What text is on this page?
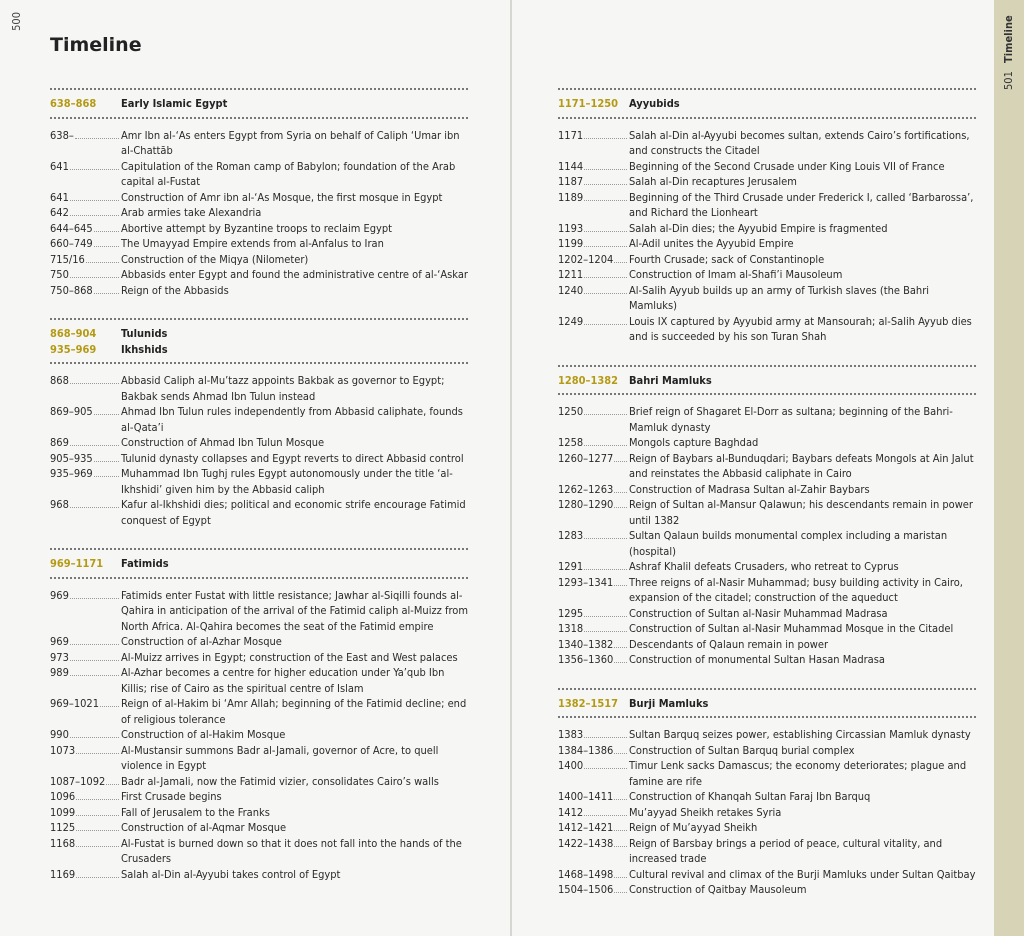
500
501
Timeline
Timeline
638–868	Early Islamic Egypt
638–	Amr Ibn al-‘As enters Egypt from Syria on behalf of Caliph ‘Umar ibn al-Chattāb
641	Capitulation of the Roman camp of Babylon; foundation of the Arab capital al-Fustat
641	Construction of Amr ibn al-‘As Mosque, the first mosque in Egypt
642	Arab armies take Alexandria
644–645	Abortive attempt by Byzantine troops to reclaim Egypt
660–749	The Umayyad Empire extends from al-Anfalus to Iran
715/16	Construction of the Miqya (Nilometer)
750	Abbasids enter Egypt and found the administrative centre of al-‘Askar
750–868	Reign of the Abbasids
868–904	Tulunids
935–969	Ikhshids
868	Abbasid Caliph al-Mu’tazz appoints Bakbak as governor to Egypt; Bakbak sends Ahmad Ibn Tulun instead
869–905	Ahmad Ibn Tulun rules independently from Abbasid caliphate, founds al-Qata’i
869	Construction of Ahmad Ibn Tulun Mosque
905–935	Tulunid dynasty collapses and Egypt reverts to direct Abbasid control
935–969	Muhammad Ibn Tughj rules Egypt autonomously under the title ‘al-Ikhshidi’ given him by the Abbasid caliph
968	Kafur al-Ikhshidi dies; political and economic strife encourage Fatimid conquest of Egypt
969–1171	Fatimids
969	Fatimids enter Fustat with little resistance; Jawhar al-Siqilli founds al-Qahira in anticipation of the arrival of the Fatimid caliph al-Muizz from North Africa. Al-Qahira becomes the seat of the Fatimid empire
969	Construction of al-Azhar Mosque
973	Al-Muizz arrives in Egypt; construction of the East and West palaces
989	Al-Azhar becomes a centre for higher education under Ya’qub Ibn Killis; rise of Cairo as the spiritual centre of Islam
969–1021 Reign of al-Hakim bi ‘Amr Allah; beginning of the Fatimid decline; end of religious tolerance
990	Construction of al-Hakim Mosque
1073	Al-Mustansir summons Badr al-Jamali, governor of Acre, to quell violence in Egypt
1087–1092 Badr al-Jamali, now the Fatimid vizier, consolidates Cairo’s walls
1096	First Crusade begins
1099	Fall of Jerusalem to the Franks
1125	Construction of al-Aqmar Mosque
1168	Al-Fustat is burned down so that it does not fall into the hands of the Crusaders
1169	Salah al-Din al-Ayyubi takes control of Egypt
1171–1250 Ayyubids
1171	Salah al-Din al-Ayyubi becomes sultan, extends Cairo’s fortifications, and constructs the Citadel
1144	Beginning of the Second Crusade under King Louis VII of France
1187	Salah al-Din recaptures Jerusalem
1189	Beginning of the Third Crusade under Frederick I, called ‘Barbarossa’, and Richard the Lionheart
1193	Salah al-Din dies; the Ayyubid Empire is fragmented
1199	Al-Adil unites the Ayyubid Empire
1202–1204 Fourth Crusade; sack of Constantinople
1211	Construction of Imam al-Shafi’i Mausoleum
1240	Al-Salih Ayyub builds up an army of Turkish slaves (the Bahri Mamluks)
1249	Louis IX captured by Ayyubid army at Mansourah; al-Salih Ayyub dies and is succeeded by his son Turan Shah
1280–1382 Bahri Mamluks
1250	Brief reign of Shagaret El-Dorr as sultana; beginning of the Bahri-Mamluk dynasty
1258	Mongols capture Baghdad
1260–1277 Reign of Baybars al-Bunduqdari; Baybars defeats Mongols at Ain Jalut and reinstates the Abbasid caliphate in Cairo
1262–1263 Construction of Madrasa Sultan al-Zahir Baybars
1280–1290 Reign of Sultan al-Mansur Qalawun; his descendants remain in power until 1382
1283	Sultan Qalaun builds monumental complex including a maristan (hospital)
1291	Ashraf Khalil defeats Crusaders, who retreat to Cyprus
1293–1341 Three reigns of al-Nasir Muhammad; busy building activity in Cairo, expansion of the citadel; construction of the aqueduct
1295	Construction of Sultan al-Nasir Muhammad Madrasa
1318	Construction of Sultan al-Nasir Muhammad Mosque in the Citadel
1340–1382 Descendants of Qalaun remain in power
1356–1360 Construction of monumental Sultan Hasan Madrasa
1382–1517 Burji Mamluks
1383	Sultan Barquq seizes power, establishing Circassian Mamluk dynasty
1384–1386 Construction of Sultan Barquq burial complex
1400	Timur Lenk sacks Damascus; the economy deteriorates; plague and famine are rife
1400–1411 Construction of Khanqah Sultan Faraj Ibn Barquq
1412	Mu’ayyad Sheikh retakes Syria
1412–1421 Reign of Mu’ayyad Sheikh
1422–1438 Reign of Barsbay brings a period of peace, cultural vitality, and increased trade
1468–1498 Cultural revival and climax of the Burji Mamluks under Sultan Qaitbay
1504–1506 Construction of Qaitbay Mausoleum
